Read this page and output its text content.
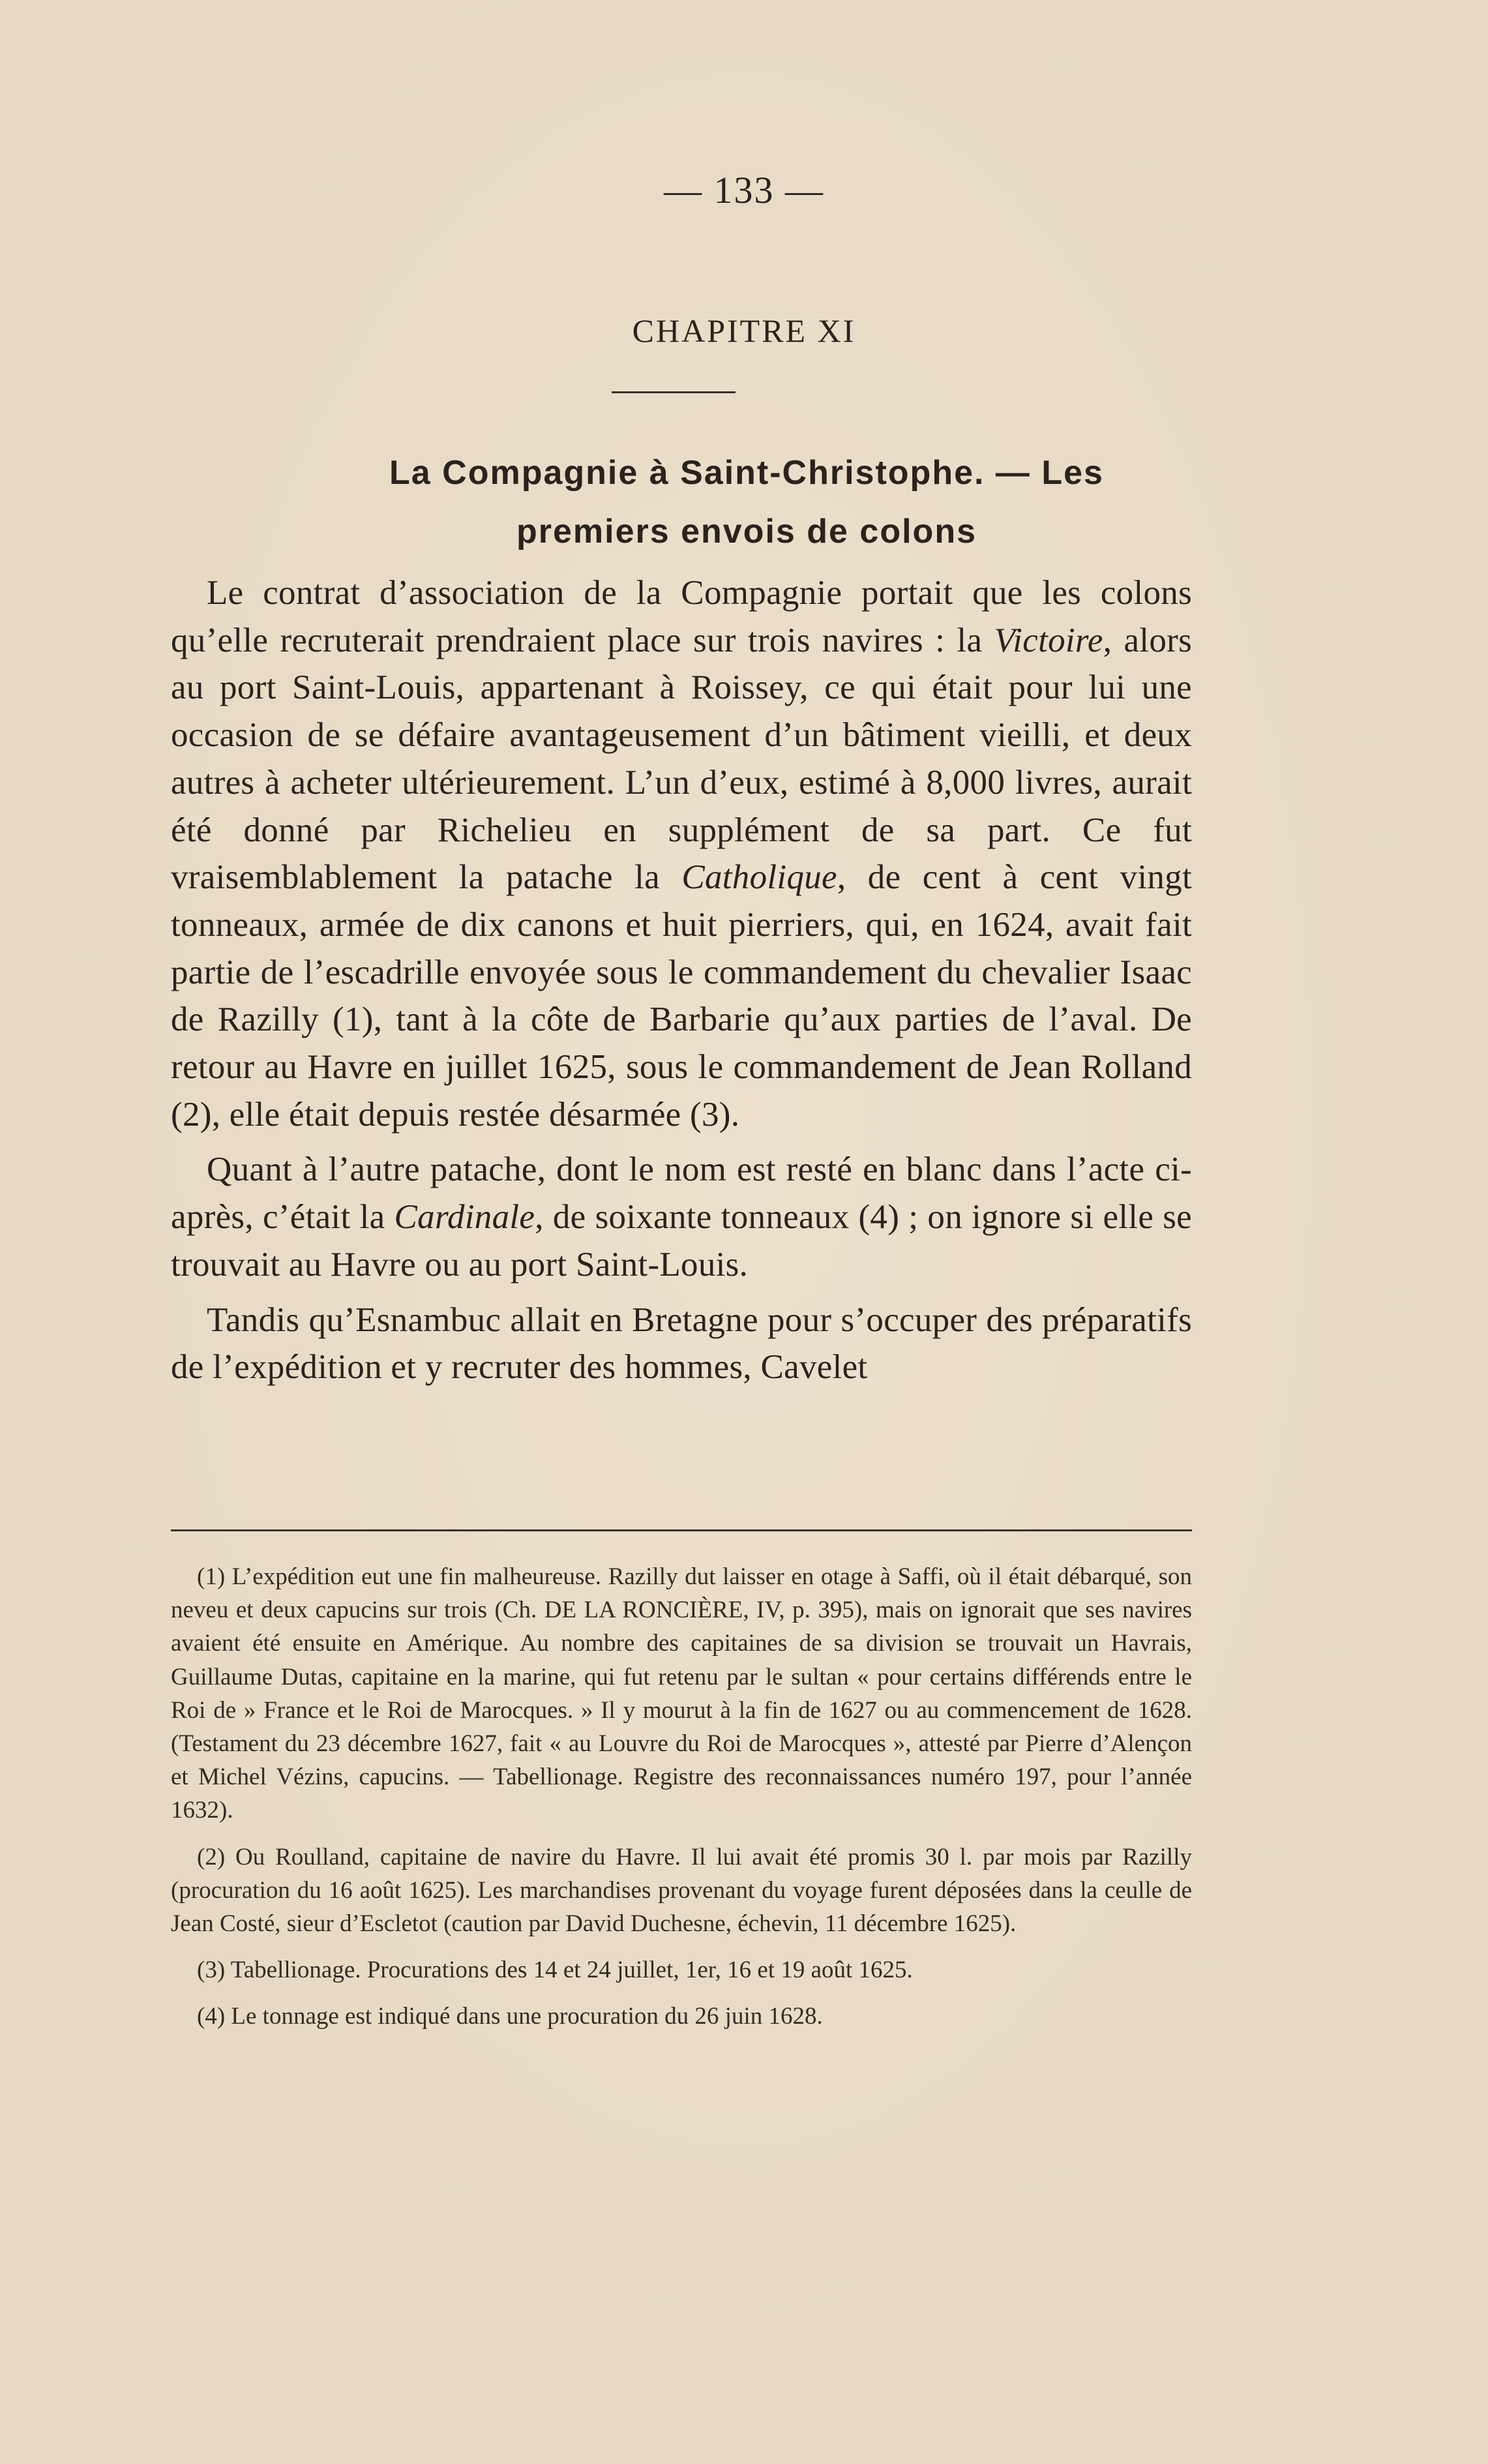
— 133 —
CHAPITRE XI
La Compagnie à Saint-Christophe. — Les
premiers envois de colons

Le contrat d’association de la Compagnie portait que les colons qu’elle recruterait prendraient place sur trois navires : la Victoire, alors au port Saint-Louis, appartenant à Roissey, ce qui était pour lui une occasion de se défaire avantageusement d’un bâtiment vieilli, et deux autres à acheter ultérieurement. L’un d’eux, estimé à 8,000 livres, aurait été donné par Richelieu en supplément de sa part. Ce fut vraisemblablement la patache la Catholique, de cent à cent vingt tonneaux, armée de dix canons et huit pierriers, qui, en 1624, avait fait partie de l’escadrille envoyée sous le commandement du chevalier Isaac de Razilly (1), tant à la côte de Barbarie qu’aux parties de l’aval. De retour au Havre en juillet 1625, sous le commandement de Jean Rolland (2), elle était depuis restée désarmée (3).

Quant à l’autre patache, dont le nom est resté en blanc dans l’acte ci-après, c’était la Cardinale, de soixante tonneaux (4) ; on ignore si elle se trouvait au Havre ou au port Saint-Louis.

Tandis qu’Esnambuc allait en Bretagne pour s’occuper des préparatifs de l’expédition et y recruter des hommes, Cavelet

(1) L’expédition eut une fin malheureuse. Razilly dut laisser en otage à Saffi, où il était débarqué, son neveu et deux capucins sur trois (Ch. DE LA RONCIÈRE, IV, p. 395), mais on ignorait que ses navires avaient été ensuite en Amérique. Au nombre des capitaines de sa division se trouvait un Havrais, Guillaume Dutas, capitaine en la marine, qui fut retenu par le sultan « pour certains différends entre le Roi de » France et le Roi de Marocques. » Il y mourut à la fin de 1627 ou au commencement de 1628. (Testament du 23 décembre 1627, fait « au Louvre du Roi de Marocques », attesté par Pierre d’Alençon et Michel Vézins, capucins. — Tabellionage. Registre des reconnaissances numéro 197, pour l’année 1632).

(2) Ou Roulland, capitaine de navire du Havre. Il lui avait été promis 30 l. par mois par Razilly (procuration du 16 août 1625). Les marchandises provenant du voyage furent déposées dans la ceulle de Jean Costé, sieur d’Escletot (caution par David Duchesne, échevin, 11 décembre 1625).

(3) Tabellionage. Procurations des 14 et 24 juillet, 1er, 16 et 19 août 1625.

(4) Le tonnage est indiqué dans une procuration du 26 juin 1628.
